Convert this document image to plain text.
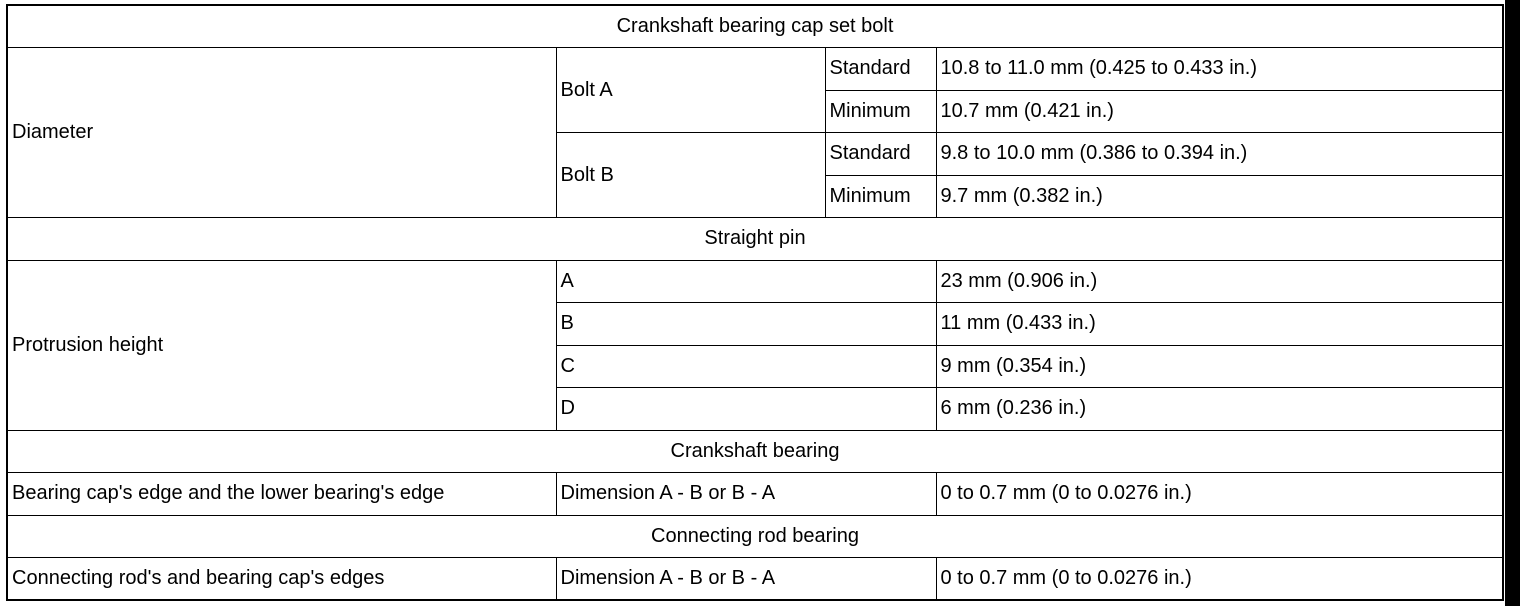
Crankshaft bearing cap set bolt			
Diameter	Bolt A	Standard	10.8 to 11.0 mm (0.425 to 0.433 in.)
		Minimum	10.7 mm (0.421 in.)
	Bolt B	Standard	9.8 to 10.0 mm (0.386 to 0.394 in.)
		Minimum	9.7 mm (0.382 in.)
Straight pin			
Protrusion height	A		23 mm (0.906 in.)
	B		11 mm (0.433 in.)
	C		9 mm (0.354 in.)
	D		6 mm (0.236 in.)
Crankshaft bearing			
Bearing cap's edge and the lower bearing's edge	Dimension A - B or B - A		0 to 0.7 mm (0 to 0.0276 in.)
Connecting rod bearing			
Connecting rod's and bearing cap's edges	Dimension A - B or B - A		0 to 0.7 mm (0 to 0.0276 in.)
